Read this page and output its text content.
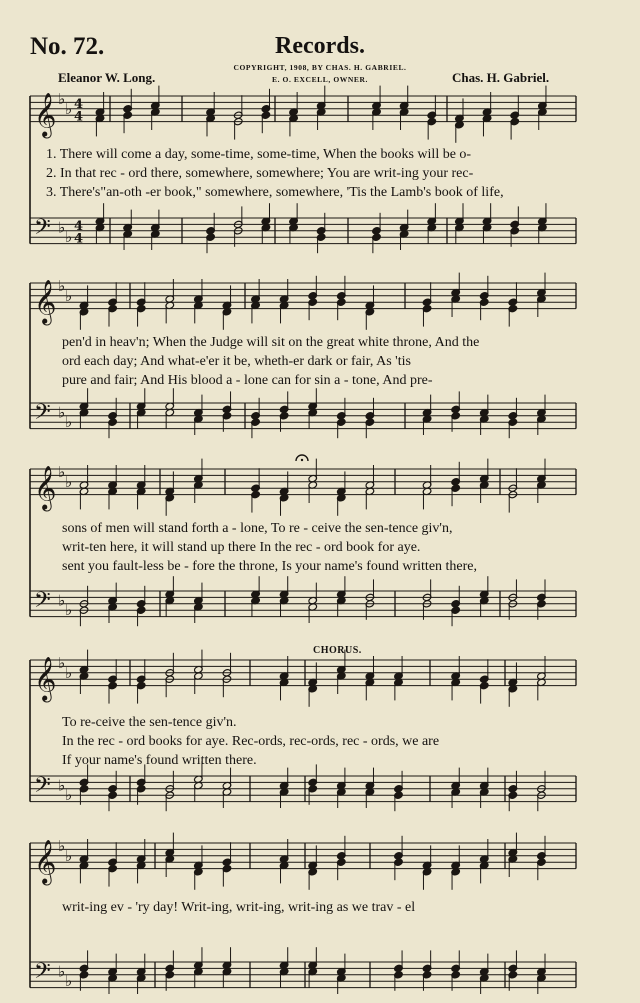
𝄞
𝄢
♭
♭
♭
♭
4
4
4
4
𝄞
𝄢
♭
♭
♭
♭
𝄞
𝄢
♭
♭
♭
♭
𝄞
𝄢
♭
♭
♭
♭
𝄞
𝄢
♭
♭
♭
♭
No. 72.	Records.
Eleanor W. Long.	Chas. H. Gabriel.
COPYRIGHT, 1908, BY CHAS. H. GABRIEL.
E. O. EXCELL, OWNER.
CHORUS.
1. There will come a day, some-time, some-time, When the books will be o-
2. In that rec - ord there, somewhere, somewhere; You are writ-ing your rec-
3. There's"an-oth -er book," somewhere, somewhere, 'Tis the Lamb's book of life,
pen'd in heav'n; When the Judge will sit on the great white throne, And the
ord each day; And what-e'er it be, wheth-er dark or fair, As 'tis
pure and fair; And His blood a - lone can for sin a - tone, And pre-
sons of men will stand forth a - lone, To re - ceive the sen-tence giv'n,
writ-ten here, it will stand up there In the rec - ord book for aye.
sent you fault-less be - fore the throne, Is your name's found written there,
To re-ceive the sen-tence giv'n.
In the rec - ord books for aye. Rec-ords, rec-ords, rec - ords, we are
If your name's found written there.
writ-ing ev - 'ry day! Writ-ing, writ-ing, writ-ing as we trav - el
